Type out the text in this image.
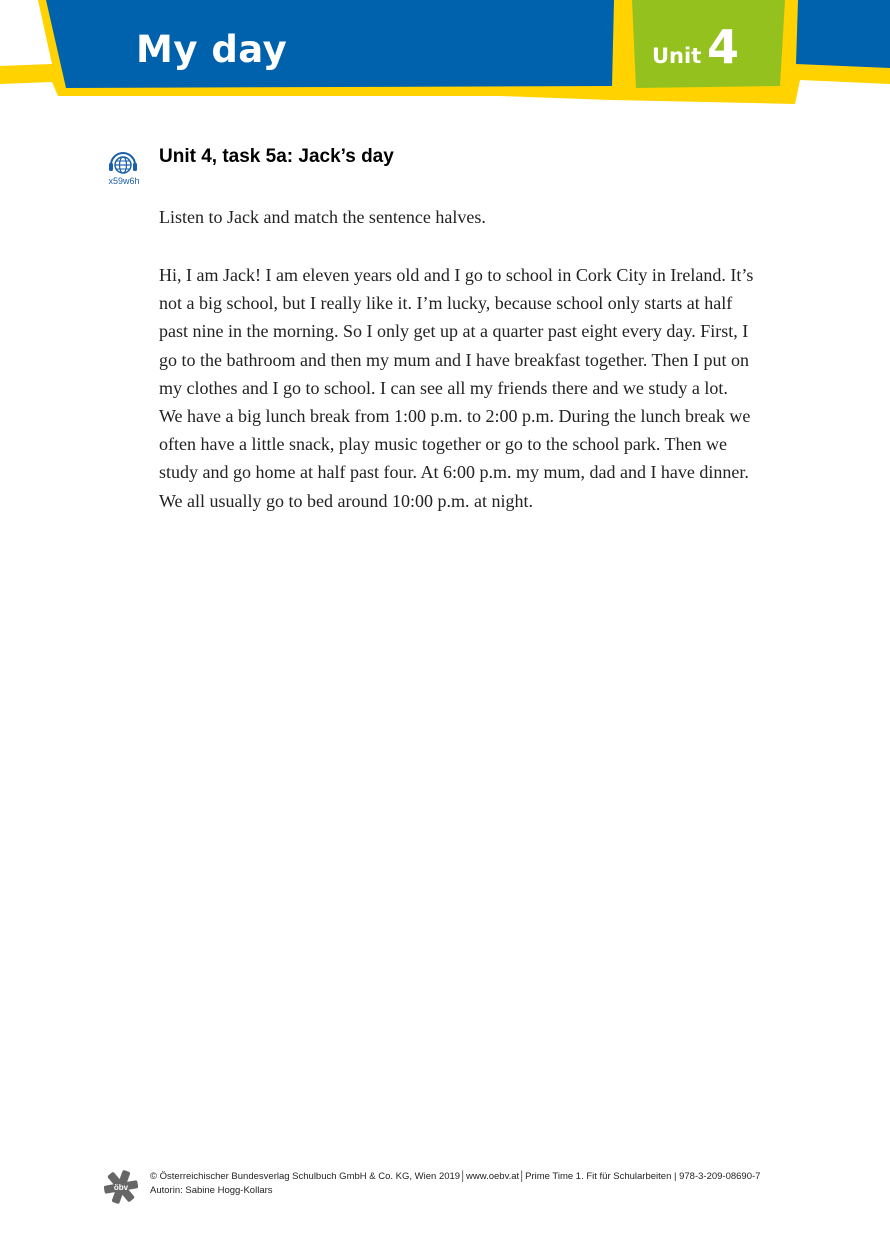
My day	Unit 4
x59w6h
Unit 4, task 5a: Jack’s day

Listen to Jack and match the sentence halves.

Hi, I am Jack! I am eleven years old and I go to school in Cork City in Ireland. It’s
not a big school, but I really like it. I’m lucky, because school only starts at half
past nine in the morning. So I only get up at a quarter past eight every day. First, I
go to the bathroom and then my mum and I have breakfast together. Then I put on
my clothes and I go to school. I can see all my friends there and we study a lot.
We have a big lunch break from 1:00 p.m. to 2:00 p.m. During the lunch break we
often have a little snack, play music together or go to the school park. Then we
study and go home at half past four. At 6:00 p.m. my mum, dad and I have dinner.
We all usually go to bed around 10:00 p.m. at night.
öbv
© Österreichischer Bundesverlag Schulbuch GmbH & Co. KG, Wien 2019│www.oebv.at│Prime Time 1. Fit für Schularbeiten | 978-3-209-08690-7
Autorin: Sabine Hogg-Kollars
